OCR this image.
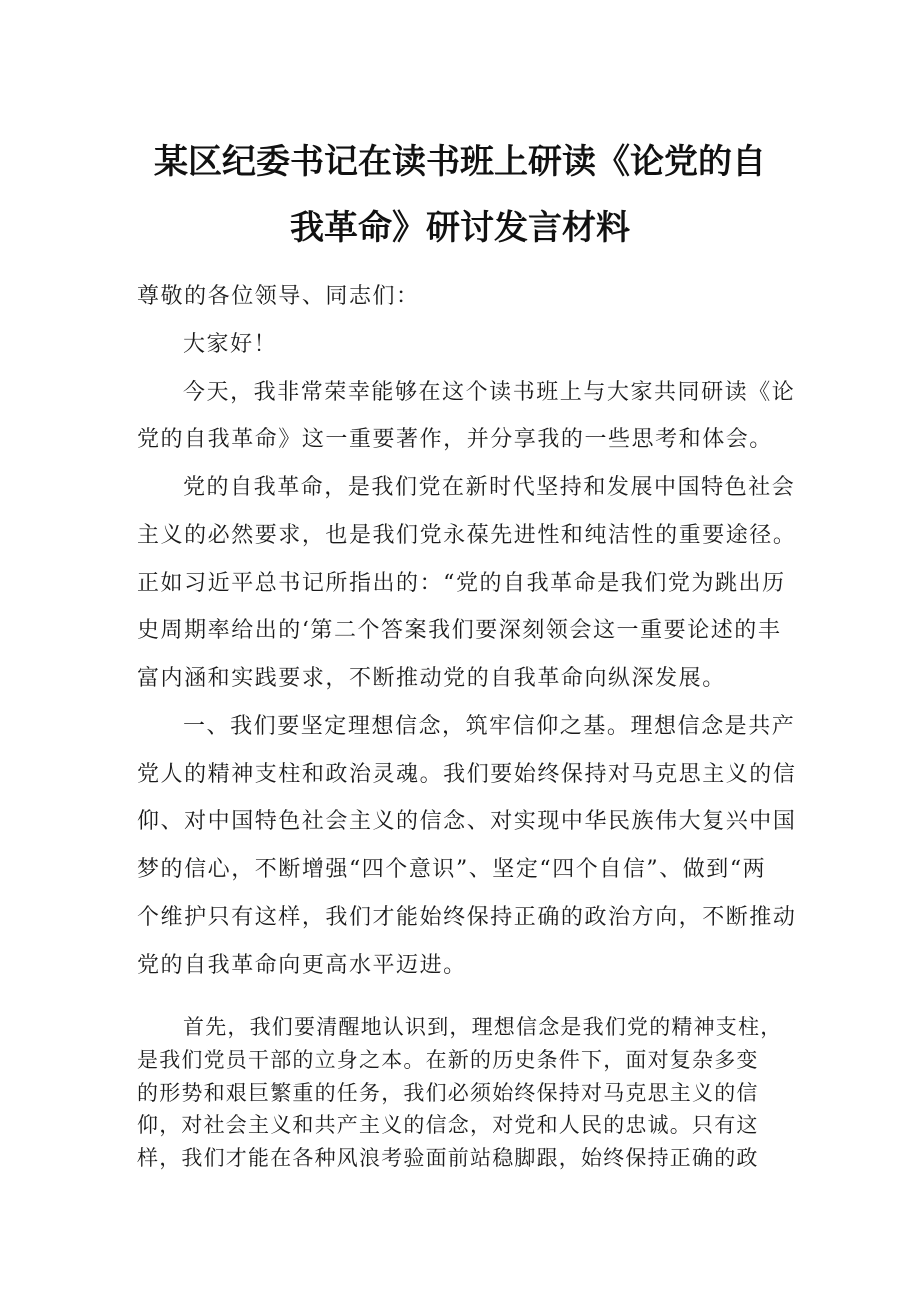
某区纪委书记在读书班上研读《论党的自
我革命》研讨发言材料
尊敬的各位领导、同志们：
大家好！
今天，我非常荣幸能够在这个读书班上与大家共同研读《论
党的自我革命》这一重要著作，并分享我的一些思考和体会。
党的自我革命，是我们党在新时代坚持和发展中国特色社会
主义的必然要求，也是我们党永葆先进性和纯洁性的重要途径。
正如习近平总书记所指出的：“党的自我革命是我们党为跳出历
史周期率给出的‘第二个答案我们要深刻领会这一重要论述的丰
富内涵和实践要求，不断推动党的自我革命向纵深发展。
一、我们要坚定理想信念，筑牢信仰之基。理想信念是共产
党人的精神支柱和政治灵魂。我们要始终保持对马克思主义的信
仰、对中国特色社会主义的信念、对实现中华民族伟大复兴中国
梦的信心，不断增强“四个意识”、坚定“四个自信”、做到“两
个维护只有这样，我们才能始终保持正确的政治方向，不断推动
党的自我革命向更高水平迈进。
首先，我们要清醒地认识到，理想信念是我们党的精神支柱，
是我们党员干部的立身之本。在新的历史条件下，面对复杂多变
的形势和艰巨繁重的任务，我们必须始终保持对马克思主义的信
仰，对社会主义和共产主义的信念，对党和人民的忠诚。只有这
样，我们才能在各种风浪考验面前站稳脚跟，始终保持正确的政
